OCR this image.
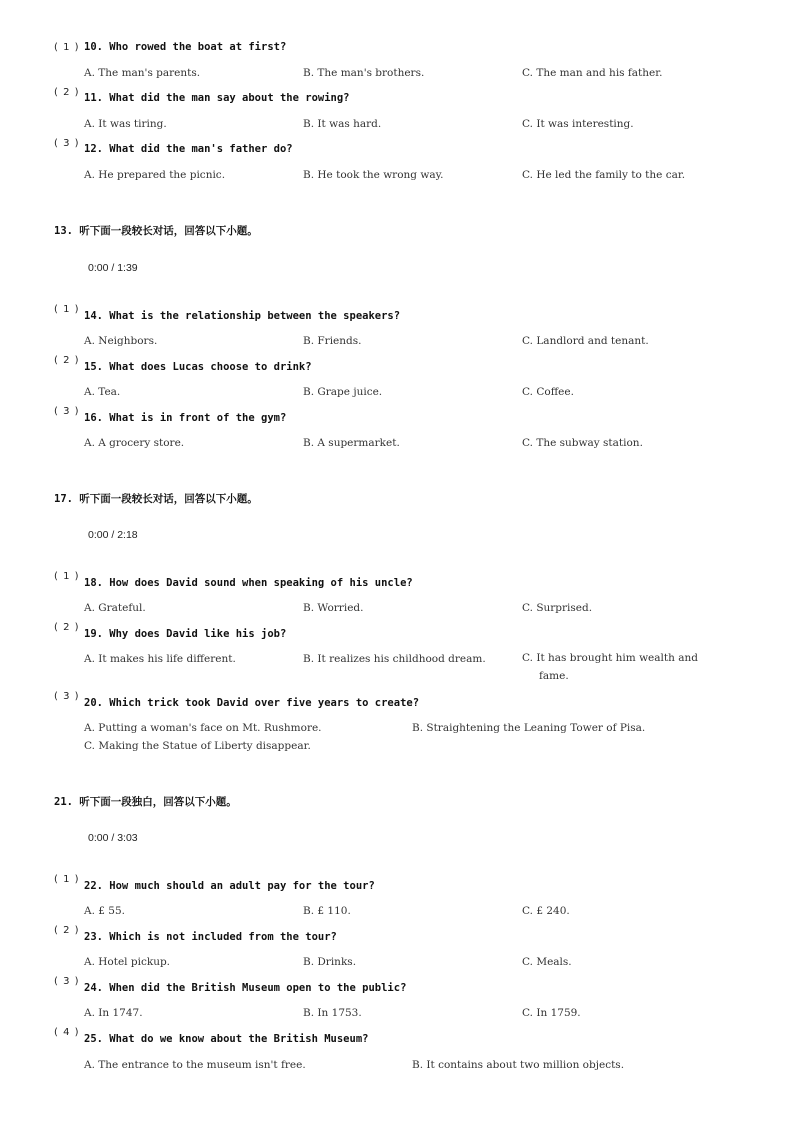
( 1 ) 10. Who rowed the boat at first?
A. The man's parents.	B. The man's brothers.	C. The man and his father.
( 2 ) 11. What did the man say about the rowing?
A. It was tiring.	B. It was hard.	C. It was interesting.
( 3 ) 12. What did the man's father do?
A. He prepared the picnic.	B. He took the wrong way.	C. He led the family to the car.
13. 听下面一段较长对话，回答以下小题。
0:00 / 1:39
( 1 )
14. What is the relationship between the speakers?
A. Neighbors.	B. Friends.	C. Landlord and tenant.
( 2 )
15. What does Lucas choose to drink?
A. Tea.	B. Grape juice.	C. Coffee.
( 3 )
16. What is in front of the gym?
A. A grocery store.	B. A supermarket.	C. The subway station.
17. 听下面一段较长对话，回答以下小题。
0:00 / 2:18
( 1 )
18. How does David sound when speaking of his uncle?
A. Grateful.	B. Worried.	C. Surprised.
( 2 )
19. Why does David like his job?
A. It makes his life different.	B. It realizes his childhood dream.	C. It has brought him wealth and fame.
( 3 )
20. Which trick took David over five years to create?
A. Putting a woman's face on Mt. Rushmore.	B. Straightening the Leaning Tower of Pisa.
C. Making the Statue of Liberty disappear.
21. 听下面一段独白，回答以下小题。
0:00 / 3:03
( 1 )
22. How much should an adult pay for the tour?
A. £ 55.	B. £ 110.	C. £ 240.
( 2 )
23. Which is not included from the tour?
A. Hotel pickup.	B. Drinks.	C. Meals.
( 3 )
24. When did the British Museum open to the public?
A. In 1747.	B. In 1753.	C. In 1759.
( 4 )
25. What do we know about the British Museum?
A. The entrance to the museum isn't free.	B. It contains about two million objects.
